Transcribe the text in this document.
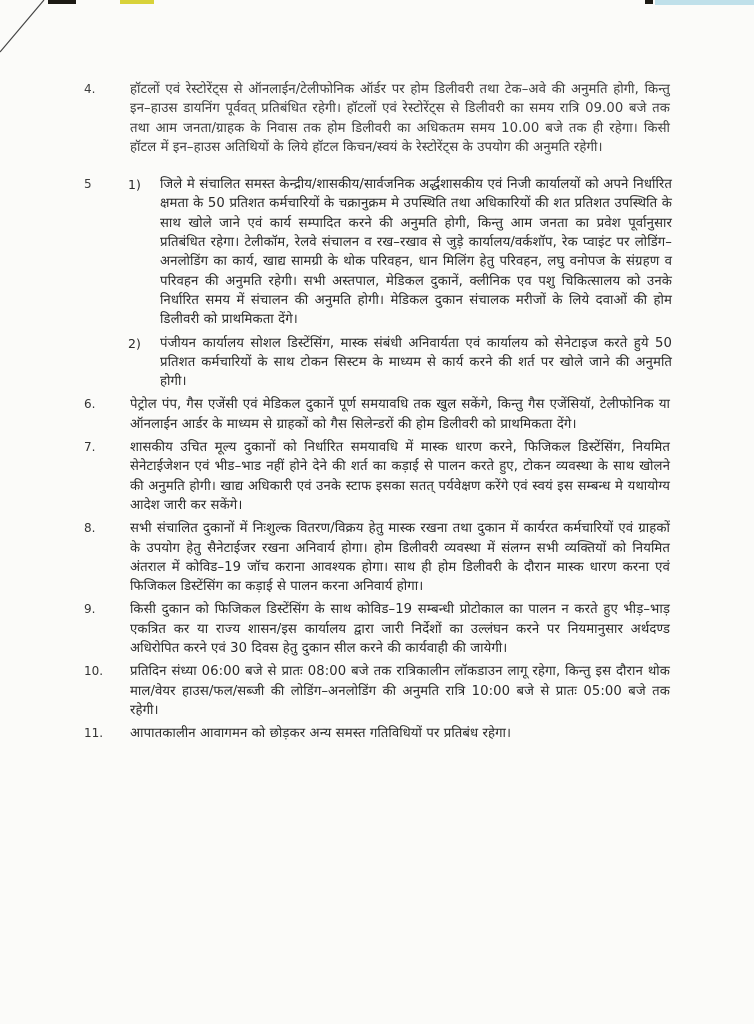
4.	हॉटलों एवं रेस्टोरेंट्स से ऑनलाईन/टेलीफोनिक ऑर्डर पर होम डिलीवरी तथा टेक–अवे की अनुमति होगी, किन्तु इन–हाउस डायनिंग पूर्ववत् प्रतिबंधित रहेगी। हॉटलों एवं रेस्टोरेंट्स से डिलीवरी का समय रात्रि 09.00 बजे तक तथा आम जनता/ग्राहक के निवास तक होम डिलीवरी का अधिकतम समय 10.00 बजे तक ही रहेगा। किसी हॉटल में इन–हाउस अतिथियों के लिये हॉटल किचन/स्वयं के रेस्टोरेंट्स के उपयोग की अनुमति रहेगी।
5	1) जिले मे संचालित समस्त केन्द्रीय/शासकीय/सार्वजनिक अर्द्धशासकीय एवं निजी कार्यालयों को अपने निर्धारित क्षमता के 50 प्रतिशत कर्मचारियों के चक्रानुक्रम मे उपस्थिति तथा अधिकारियों की शत प्रतिशत उपस्थिति के साथ खोले जाने एवं कार्य सम्पादित करने की अनुमति होगी, किन्तु आम जनता का प्रवेश पूर्वानुसार प्रतिबंधित रहेगा। टेलीकॉम, रेलवे संचालन व रख–रखाव से जुड़े कार्यालय/वर्कशॉप, रेक प्वाइंट पर लोडिंग–अनलोडिंग का कार्य, खाद्य सामग्री के थोक परिवहन, धान मिलिंग हेतु परिवहन, लघु वनोपज के संग्रहण व परिवहन की अनुमति रहेगी। सभी अस्तपाल, मेडिकल दुकानें, क्लीनिक एव पशु चिकित्सालय को उनके निर्धारित समय में संचालन की अनुमति होगी। मेडिकल दुकान संचालक मरीजों के लिये दवाओं की होम डिलीवरी को प्राथमिकता देंगे।
2) पंजीयन कार्यालय सोशल डिस्टेंसिंग, मास्क संबंधी अनिवार्यता एवं कार्यालय को सेनेटाइज करते हुये 50 प्रतिशत कर्मचारियों के साथ टोकन सिस्टम के माध्यम से कार्य करने की शर्त पर खोले जाने की अनुमति होगी।
6.	पेट्रोल पंप, गैस एजेंसी एवं मेडिकल दुकानें पूर्ण समयावधि तक खुल सकेंगे, किन्तु गैस एजेंसियॉ, टेलीफोनिक या ऑनलाईन आर्डर के माध्यम से ग्राहकों को गैस सिलेन्डरों की होम डिलीवरी को प्राथमिकता देंगे।
7.	शासकीय उचित मूल्य दुकानों को निर्धारित समयावधि में मास्क धारण करने, फिजिकल डिस्टेंसिंग, नियमित सेनेटाईजेशन एवं भीड–भाड नहीं होने देने की शर्त का कड़ाई से पालन करते हुए, टोकन व्यवस्था के साथ खोलने की अनुमति होगी। खाद्य अधिकारी एवं उनके स्टाफ इसका सतत् पर्यवेक्षण करेंगे एवं स्वयं इस सम्बन्ध मे यथायोग्य आदेश जारी कर सकेंगे।
8.	सभी संचालित दुकानों में निःशुल्क वितरण/विक्रय हेतु मास्क रखना तथा दुकान में कार्यरत कर्मचारियों एवं ग्राहकों के उपयोग हेतु सैनेटाईजर रखना अनिवार्य होगा। होम डिलीवरी व्यवस्था में संलग्न सभी व्यक्तियों को नियमित अंतराल में कोविड–19 जॉच कराना आवश्यक होगा। साथ ही होम डिलीवरी के दौरान मास्क धारण करना एवं फिजिकल डिस्टेंसिंग का कड़ाई से पालन करना अनिवार्य होगा।
9.	किसी दुकान को फिजिकल डिस्टेंसिंग के साथ कोविड–19 सम्बन्धी प्रोटोकाल का पालन न करते हुए भीड़–भाड़ एकत्रित कर या राज्य शासन/इस कार्यालय द्वारा जारी निर्देशों का उल्लंघन करने पर नियमानुसार अर्थदण्ड अधिरोपित करने एवं 30 दिवस हेतु दुकान सील करने की कार्यवाही की जायेगी।
10. प्रतिदिन संध्या 06:00 बजे से प्रातः 08:00 बजे तक रात्रिकालीन लॉकडाउन लागू रहेगा, किन्तु इस दौरान थोक माल/वेयर हाउस/फल/सब्जी की लोडिंग–अनलोडिंग की अनुमति रात्रि 10:00 बजे से प्रातः 05:00 बजे तक रहेगी।
11. आपातकालीन आवागमन को छोड़कर अन्य समस्त गतिविधियों पर प्रतिबंध रहेगा।
